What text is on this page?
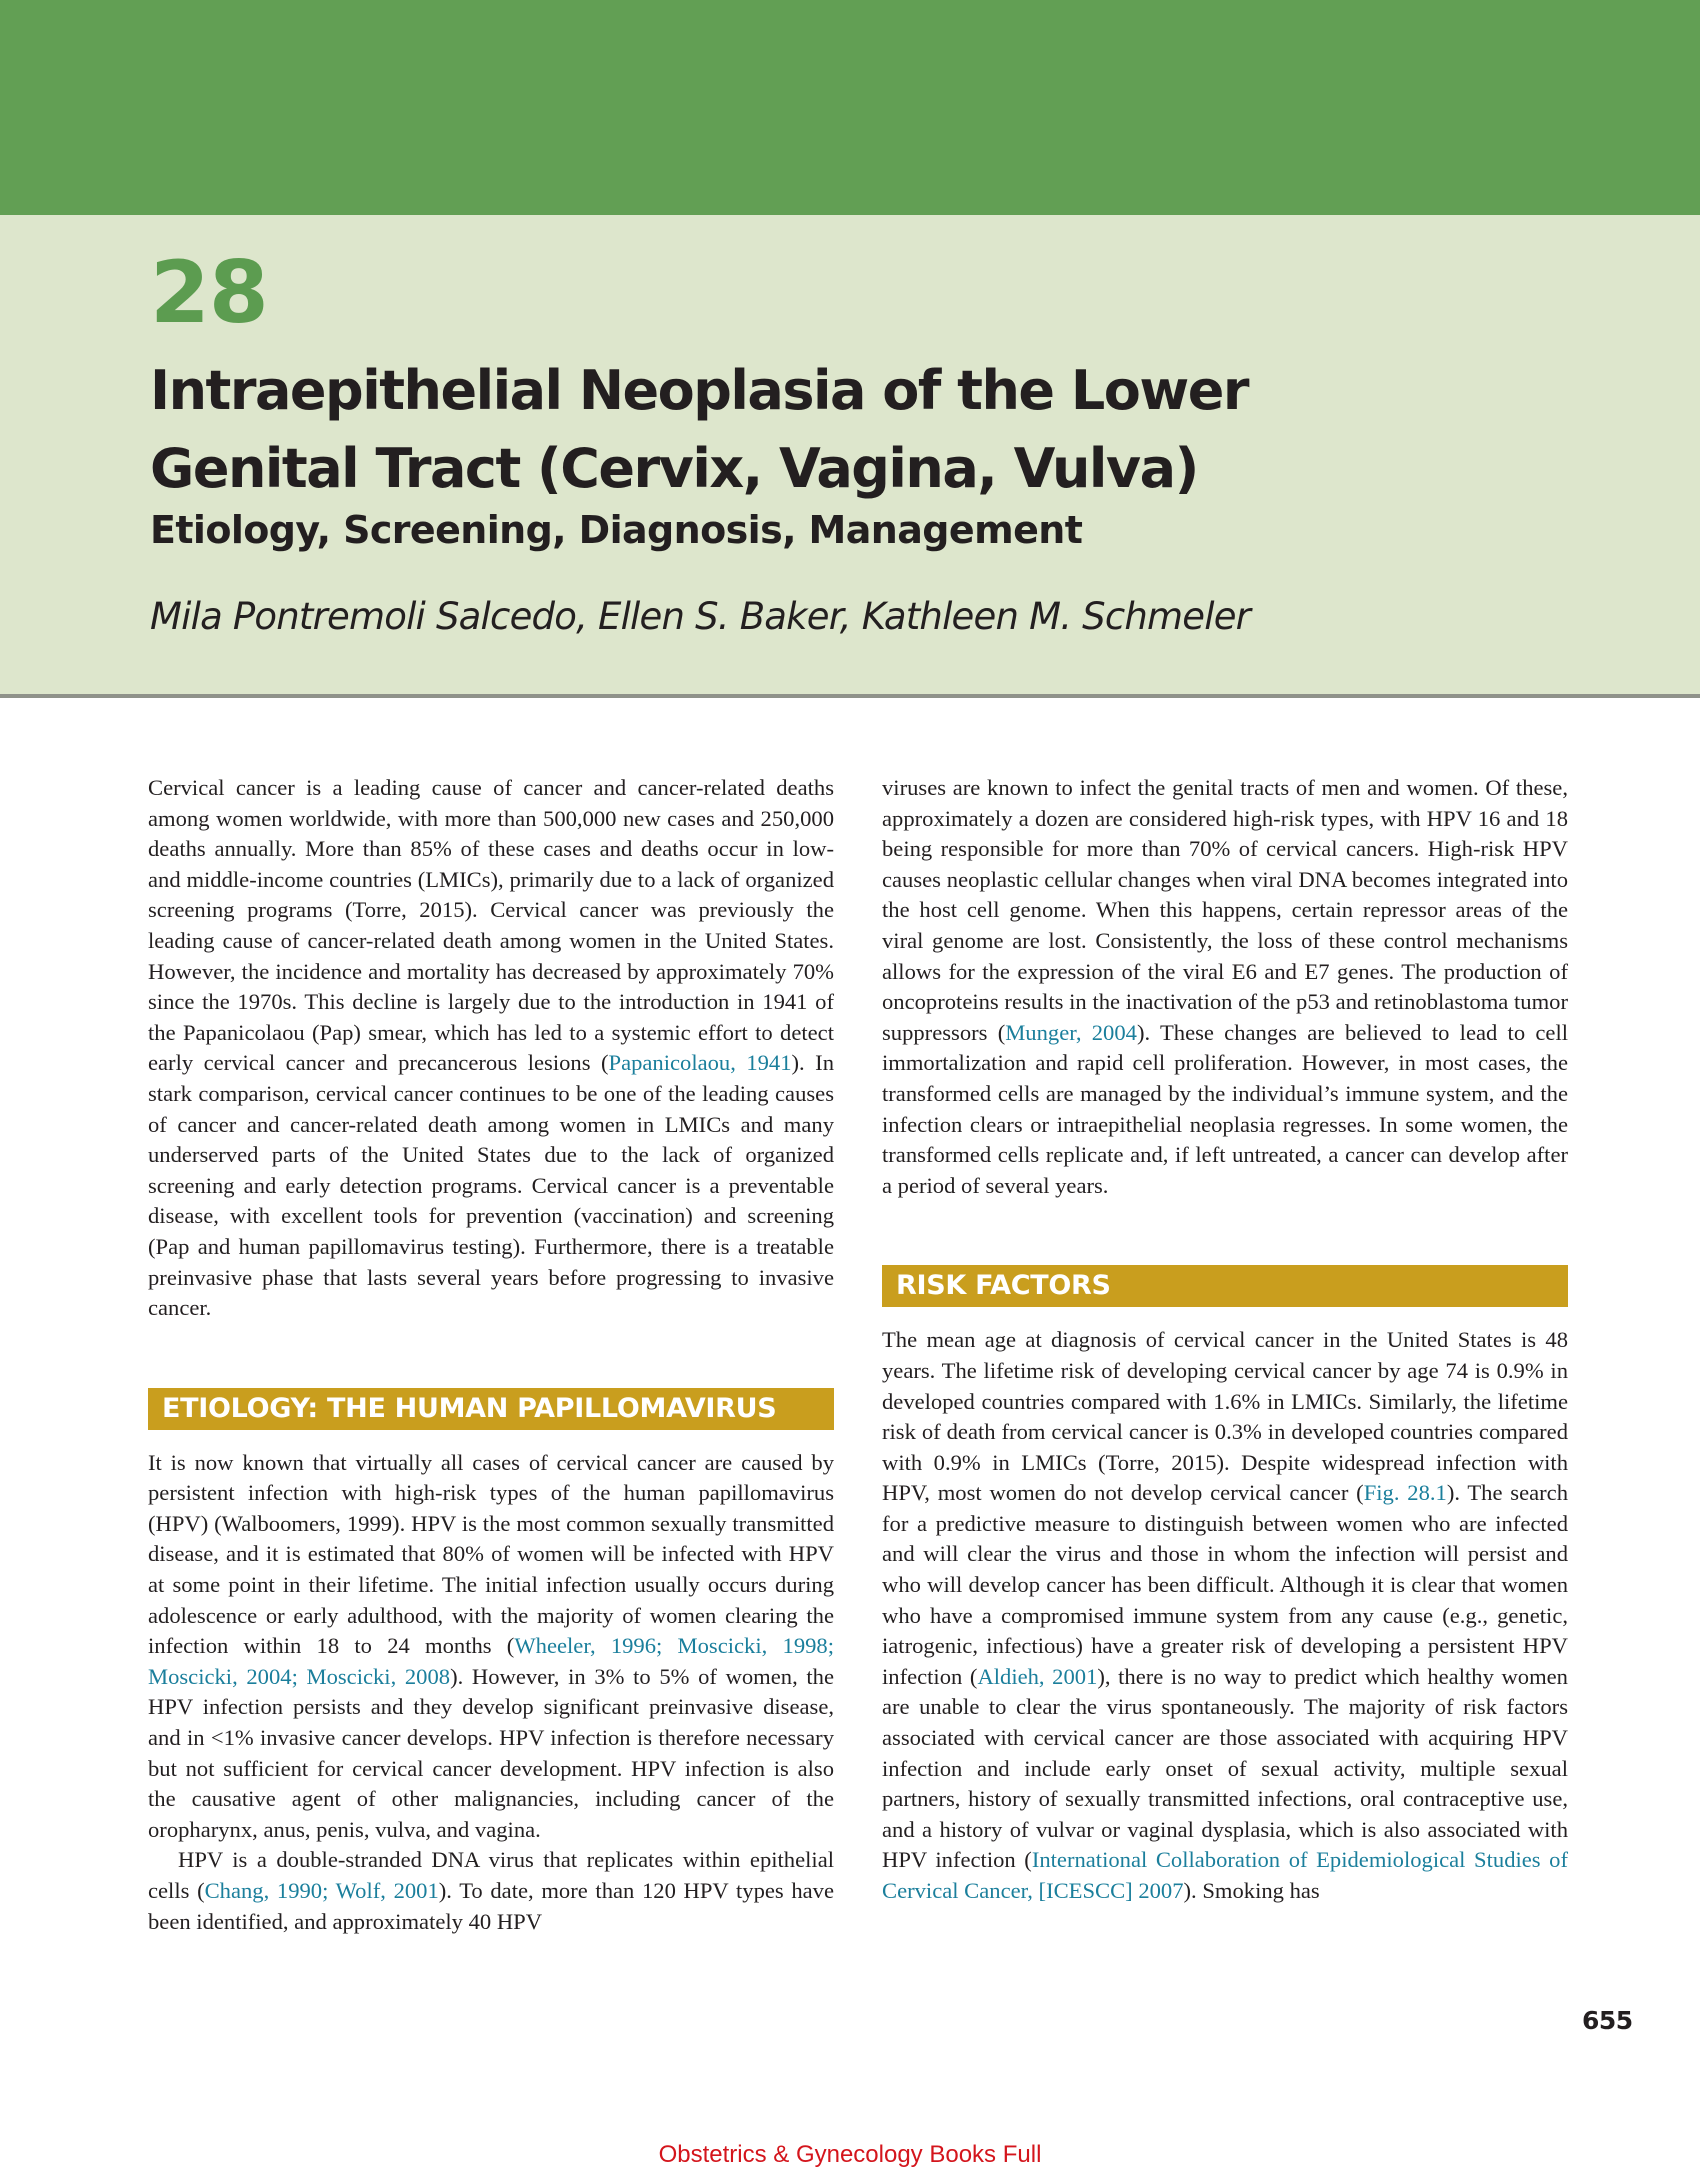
28
Intraepithelial Neoplasia of the Lower
Genital Tract (Cervix, Vagina, Vulva)
Etiology, Screening, Diagnosis, Management
Mila Pontremoli Salcedo, Ellen S. Baker, Kathleen M. Schmeler

Cervical cancer is a leading cause of cancer and cancer-related deaths among women worldwide, with more than 500,000 new cases and 250,000 deaths annually. More than 85% of these cases and deaths occur in low- and middle-income countries (LMICs), primarily due to a lack of organized screening programs (Torre, 2015). Cervical cancer was previously the leading cause of cancer-related death among women in the United States. However, the incidence and mortality has decreased by approximately 70% since the 1970s. This decline is largely due to the introduction in 1941 of the Papanicolaou (Pap) smear, which has led to a systemic effort to detect early cervical cancer and precancerous lesions (Papanicolaou, 1941). In stark comparison, cervical cancer continues to be one of the leading causes of cancer and cancer-related death among women in LMICs and many underserved parts of the United States due to the lack of organized screening and early detection programs. Cervical cancer is a preventable disease, with excellent tools for prevention (vaccination) and screening (Pap and human papillomavirus testing). Furthermore, there is a treatable preinvasive phase that lasts several years before progressing to invasive cancer.

ETIOLOGY: THE HUMAN PAPILLOMAVIRUS

It is now known that virtually all cases of cervical cancer are caused by persistent infection with high-risk types of the human papillomavirus (HPV) (Walboomers, 1999). HPV is the most common sexually transmitted disease, and it is estimated that 80% of women will be infected with HPV at some point in their lifetime. The initial infection usually occurs during adolescence or early adulthood, with the majority of women clearing the infection within 18 to 24 months (Wheeler, 1996; Moscicki, 1998; Moscicki, 2004; Moscicki, 2008). However, in 3% to 5% of women, the HPV infection persists and they develop significant preinvasive disease, and in <1% invasive cancer develops. HPV infection is therefore necessary but not sufficient for cervical cancer development. HPV infection is also the causative agent of other malignancies, including cancer of the oropharynx, anus, penis, vulva, and vagina.

HPV is a double-stranded DNA virus that replicates within epithelial cells (Chang, 1990; Wolf, 2001). To date, more than 120 HPV types have been identified, and approximately 40 HPV

viruses are known to infect the genital tracts of men and women. Of these, approximately a dozen are considered high-risk types, with HPV 16 and 18 being responsible for more than 70% of cervical cancers. High-risk HPV causes neoplastic cellular changes when viral DNA becomes integrated into the host cell genome. When this happens, certain repressor areas of the viral genome are lost. Consistently, the loss of these control mechanisms allows for the expression of the viral E6 and E7 genes. The production of oncoproteins results in the inactivation of the p53 and retinoblastoma tumor suppressors (Munger, 2004). These changes are believed to lead to cell immortalization and rapid cell proliferation. However, in most cases, the transformed cells are managed by the individual’s immune system, and the infection clears or intraepithelial neoplasia regresses. In some women, the transformed cells replicate and, if left untreated, a cancer can develop after a period of several years.

RISK FACTORS

The mean age at diagnosis of cervical cancer in the United States is 48 years. The lifetime risk of developing cervical cancer by age 74 is 0.9% in developed countries compared with 1.6% in LMICs. Similarly, the lifetime risk of death from cervical cancer is 0.3% in developed countries compared with 0.9% in LMICs (Torre, 2015). Despite widespread infection with HPV, most women do not develop cervical cancer (Fig. 28.1). The search for a predictive measure to distinguish between women who are infected and will clear the virus and those in whom the infection will persist and who will develop cancer has been difficult. Although it is clear that women who have a compromised immune system from any cause (e.g., genetic, iatrogenic, infectious) have a greater risk of developing a persistent HPV infection (Aldieh, 2001), there is no way to predict which healthy women are unable to clear the virus spontaneously. The majority of risk factors associated with cervical cancer are those associated with acquiring HPV infection and include early onset of sexual activity, multiple sexual partners, history of sexually transmitted infections, oral contraceptive use, and a history of vulvar or vaginal dysplasia, which is also associated with HPV infection (International Collaboration of Epidemiological Studies of Cervical Cancer, [ICESCC] 2007). Smoking has

655
Obstetrics & Gynecology Books Full
